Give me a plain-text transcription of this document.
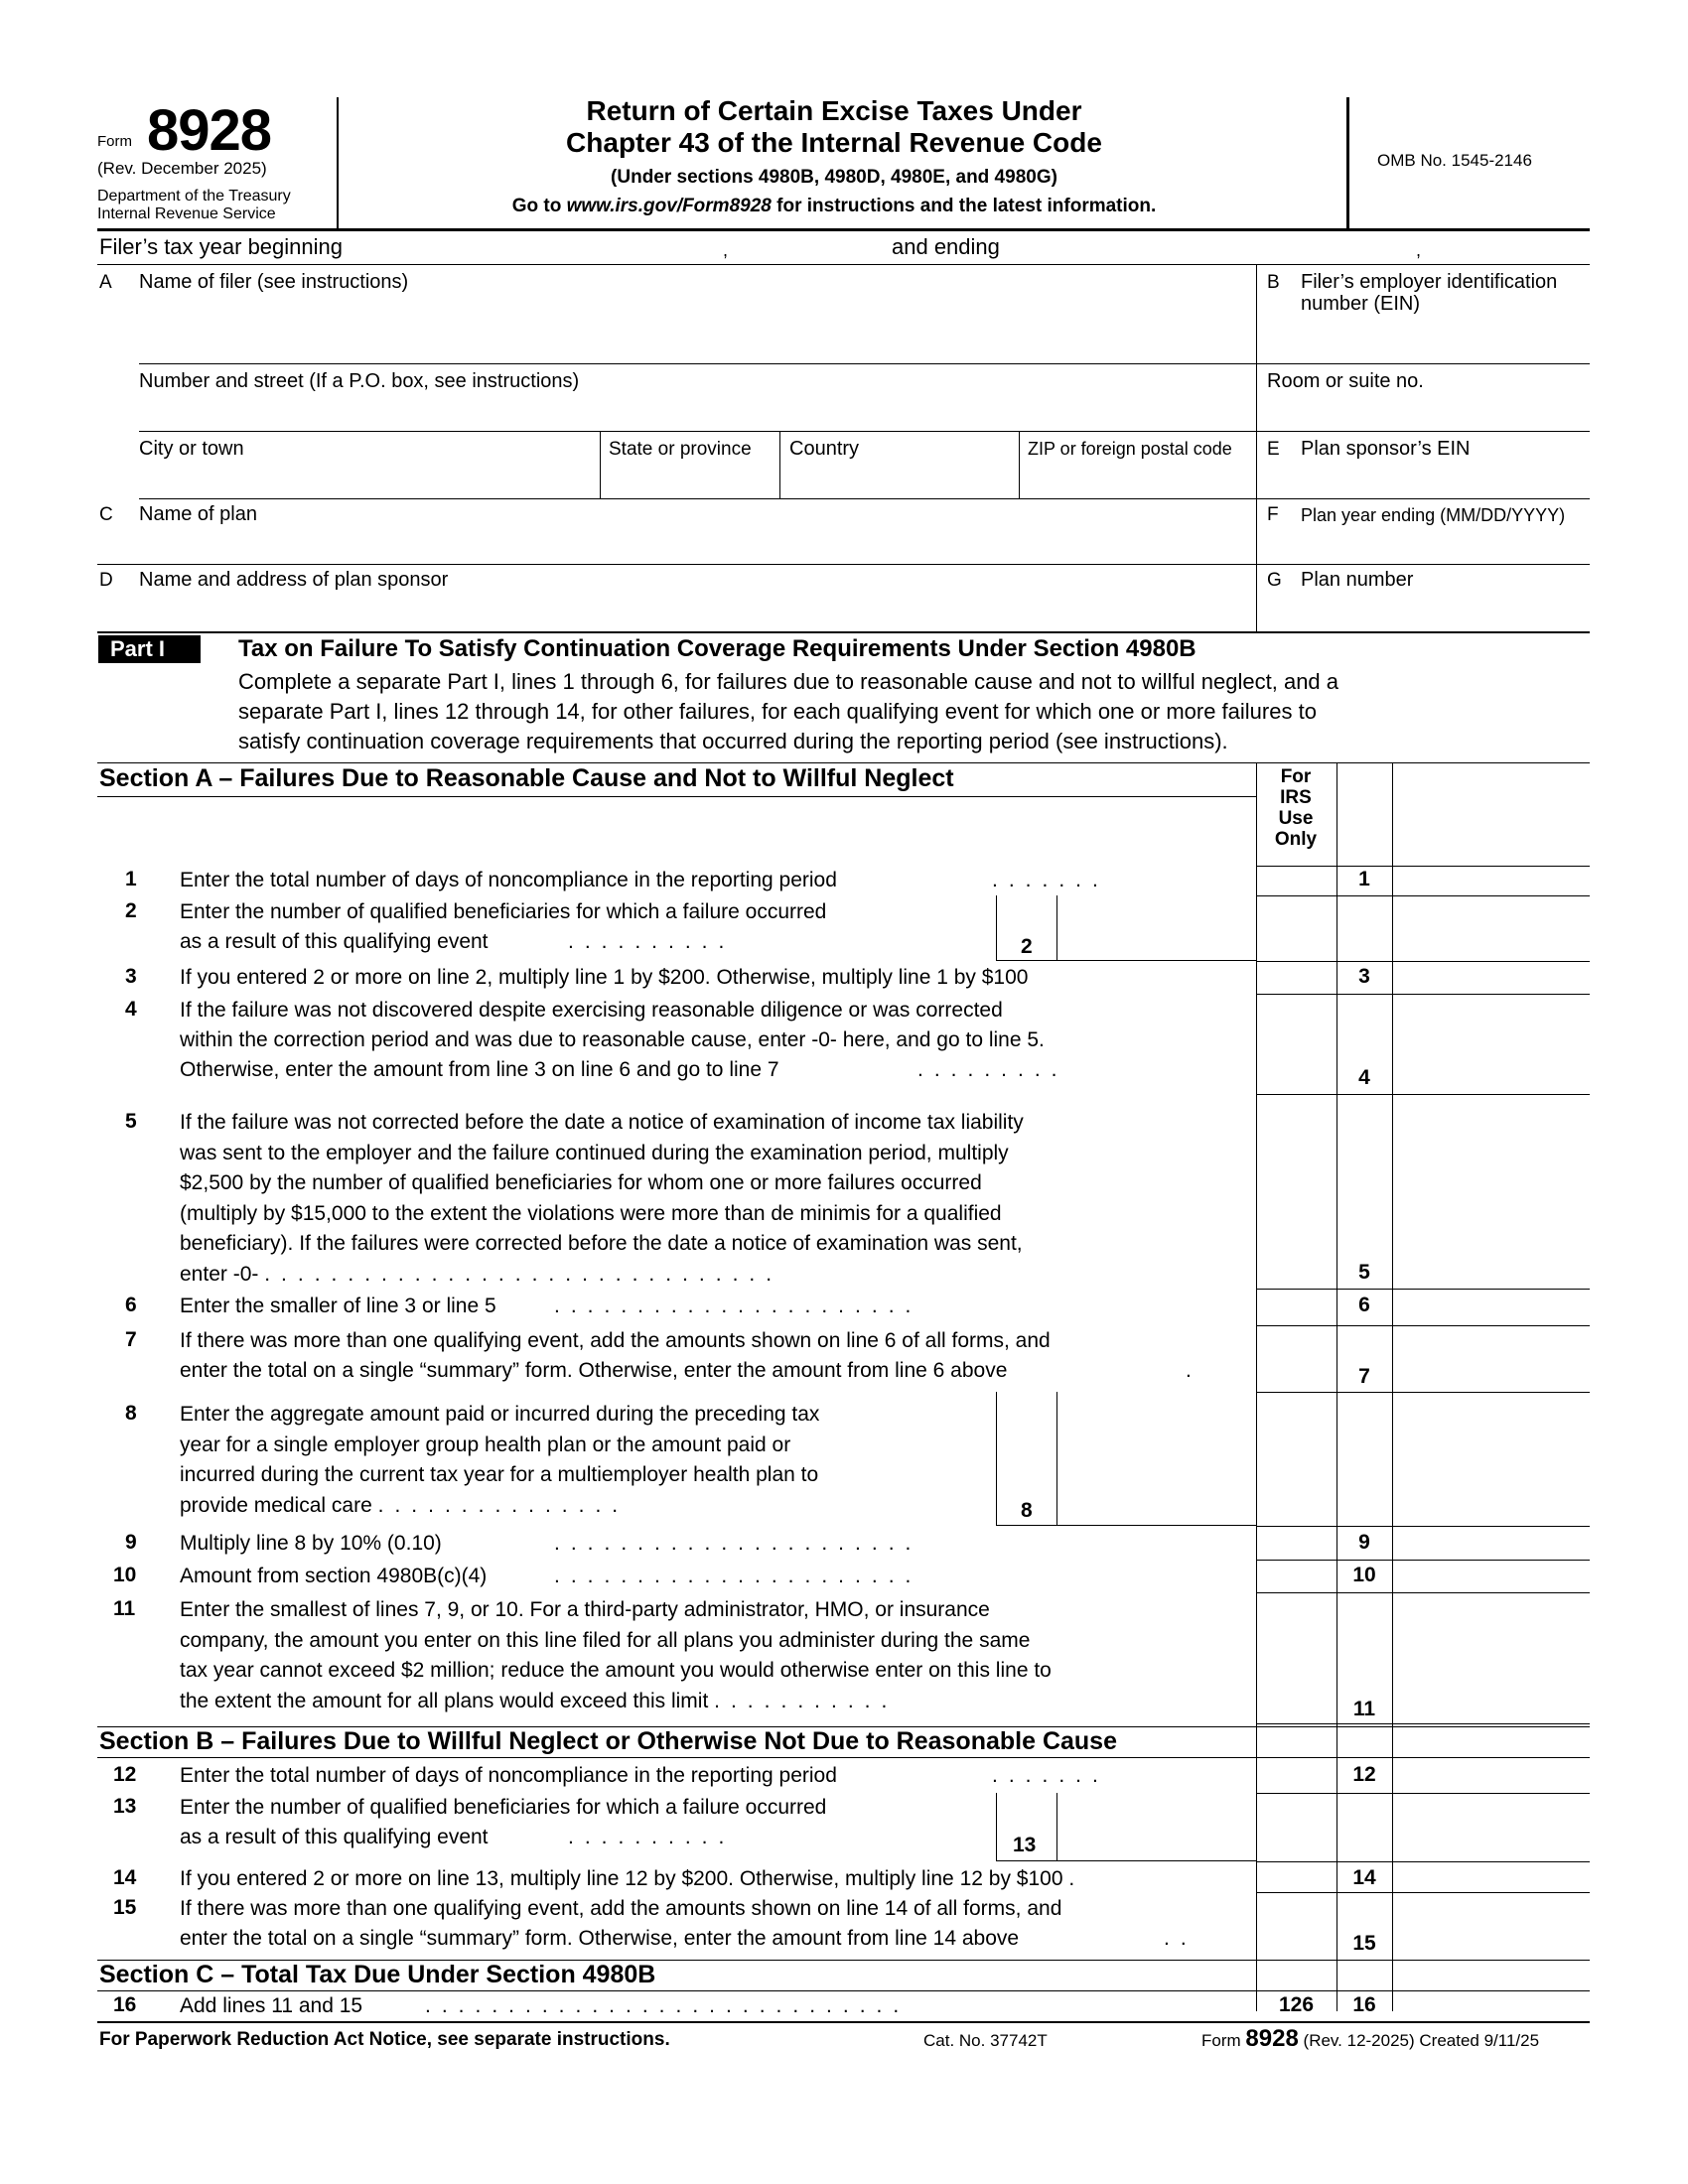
Form 8928
(Rev. December 2025)
Department of the Treasury
Internal Revenue Service
Return of Certain Excise Taxes Under
Chapter 43 of the Internal Revenue Code
(Under sections 4980B, 4980D, 4980E, and 4980G)
Go to www.irs.gov/Form8928 for instructions and the latest information.
OMB No. 1545-2146
Filer’s tax year beginning	,	and ending	,
A Name of filer (see instructions)	B Filer’s employer identification
number (EIN)
Number and street (If a P.O. box, see instructions)	Room or suite no.
City or town	State or province Country	ZIP or foreign postal code E Plan sponsor’s EIN
C Name of plan	F Plan year ending (MM/DD/YYYY)
D Name and address of plan sponsor	G Plan number
Part I	Tax on Failure To Satisfy Continuation Coverage Requirements Under Section 4980B
Complete a separate Part I, lines 1 through 6, for failures due to reasonable cause and not to willful neglect, and a
separate Part I, lines 12 through 14, for other failures, for each qualifying event for which one or more failures to
satisfy continuation coverage requirements that occurred during the reporting period (see instructions).
Section A – Failures Due to Reasonable Cause and Not to Willful Neglect	For
IRS
Use
Only
1 Enter the total number of days of noncompliance in the reporting period	.......	1
2 Enter the number of qualified beneficiaries for which a failure occurred
as a result of this qualifying event	..........	2
3 If you entered 2 or more on line 2, multiply line 1 by $200. Otherwise, multiply line 1 by $100	3
4 If the failure was not discovered despite exercising reasonable diligence or was corrected
within the correction period and was due to reasonable cause, enter -0- here, and go to line 5.
Otherwise, enter the amount from line 3 on line 6 and go to line 7	.........	4
5 If the failure was not corrected before the date a notice of examination of income tax liability
was sent to the employer and the failure continued during the examination period, multiply
$2,500 by the number of qualified beneficiaries for whom one or more failures occurred
(multiply by $15,000 to the extent the violations were more than de minimis for a qualified
beneficiary). If the failures were corrected before the date a notice of examination was sent,
enter -0- ...............................	5
6 Enter the smaller of line 3 or line 5	......................	6
7 If there was more than one qualifying event, add the amounts shown on line 6 of all forms, and
enter the total on a single “summary” form. Otherwise, enter the amount from line 6 above	.	7
8 Enter the aggregate amount paid or incurred during the preceding tax
year for a single employer group health plan or the amount paid or
incurred during the current tax year for a multiemployer health plan to
provide medical care ...............	8
9 Multiply line 8 by 10% (0.10)	......................	9
10 Amount from section 4980B(c)(4)	......................	10
11 Enter the smallest of lines 7, 9, or 10. For a third-party administrator, HMO, or insurance
company, the amount you enter on this line filed for all plans you administer during the same
tax year cannot exceed $2 million; reduce the amount you would otherwise enter on this line to
the extent the amount for all plans would exceed this limit ...........	11
Section B – Failures Due to Willful Neglect or Otherwise Not Due to Reasonable Cause
12 Enter the total number of days of noncompliance in the reporting period	.......	12
13 Enter the number of qualified beneficiaries for which a failure occurred
as a result of this qualifying event	..........	13
14 If you entered 2 or more on line 13, multiply line 12 by $200. Otherwise, multiply line 12 by $100 .	14
15 If there was more than one qualifying event, add the amounts shown on line 14 of all forms, and
enter the total on a single “summary” form. Otherwise, enter the amount from line 14 above	..	15
Section C – Total Tax Due Under Section 4980B
16 Add lines 11 and 15	.............................	126	16
For Paperwork Reduction Act Notice, see separate instructions.	Cat. No. 37742T	Form 8928 (Rev. 12-2025) Created 9/11/25
